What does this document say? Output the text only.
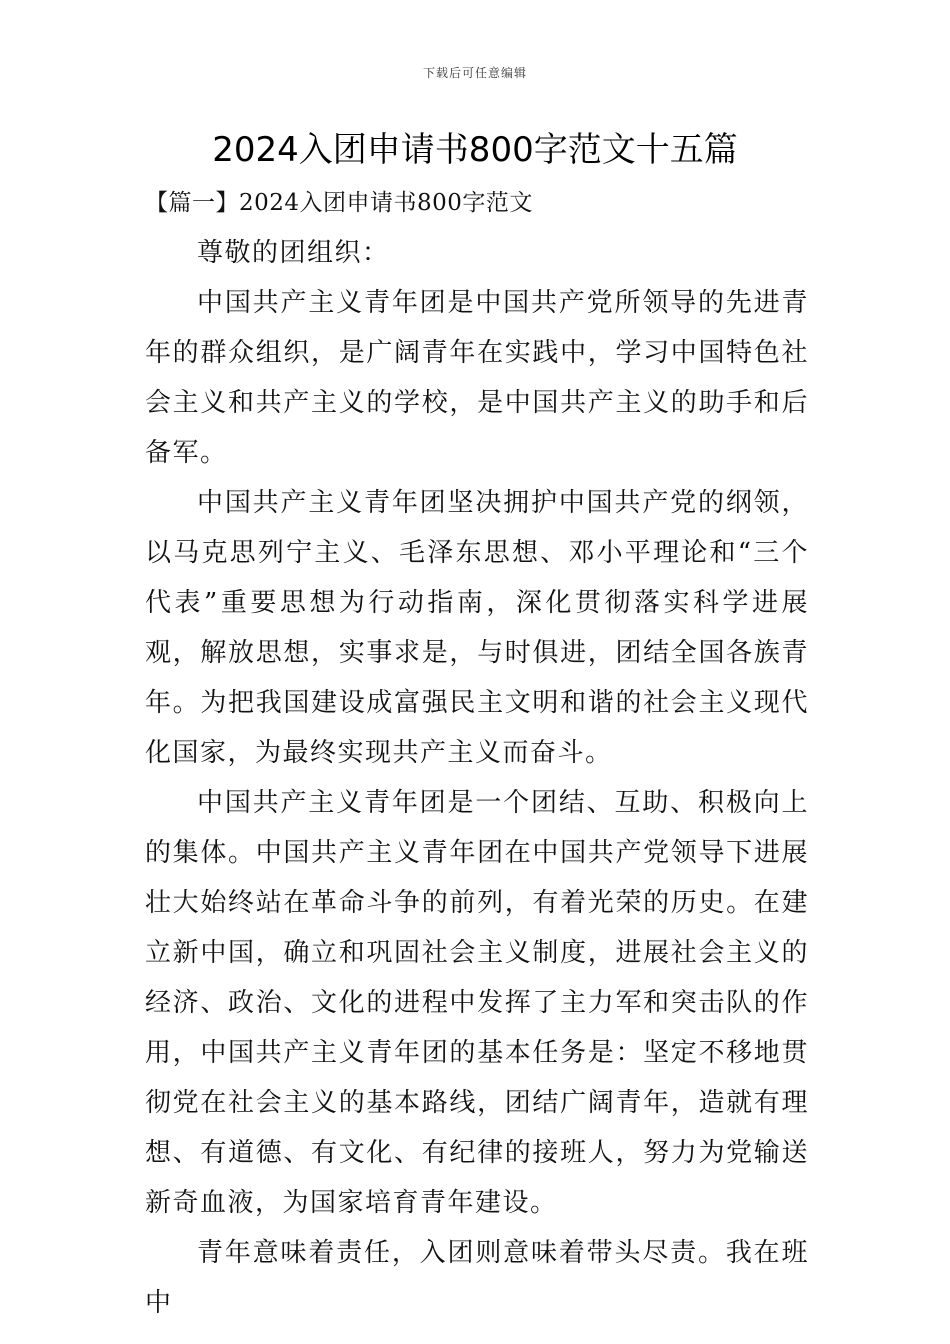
下载后可任意编辑
2024入团申请书800字范文十五篇

【篇一】2024入团申请书800字范文

尊敬的团组织：

中国共产主义青年团是中国共产党所领导的先进青年的群众组织，是广阔青年在实践中，学习中国特色社会主义和共产主义的学校，是中国共产主义的助手和后备军。

中国共产主义青年团坚决拥护中国共产党的纲领，以马克思列宁主义、毛泽东思想、邓小平理论和“三个代表”重要思想为行动指南，深化贯彻落实科学进展观，解放思想，实事求是，与时俱进，团结全国各族青年。为把我国建设成富强民主文明和谐的社会主义现代化国家，为最终实现共产主义而奋斗。

中国共产主义青年团是一个团结、互助、积极向上的集体。中国共产主义青年团在中国共产党领导下进展壮大始终站在革命斗争的前列，有着光荣的历史。在建立新中国，确立和巩固社会主义制度，进展社会主义的经济、政治、文化的进程中发挥了主力军和突击队的作用，中国共产主义青年团的基本任务是：坚定不移地贯彻党在社会主义的基本路线，团结广阔青年，造就有理想、有道德、有文化、有纪律的接班人，努力为党输送新奇血液，为国家培育青年建设。

青年意味着责任，入团则意味着带头尽责。我在班中
